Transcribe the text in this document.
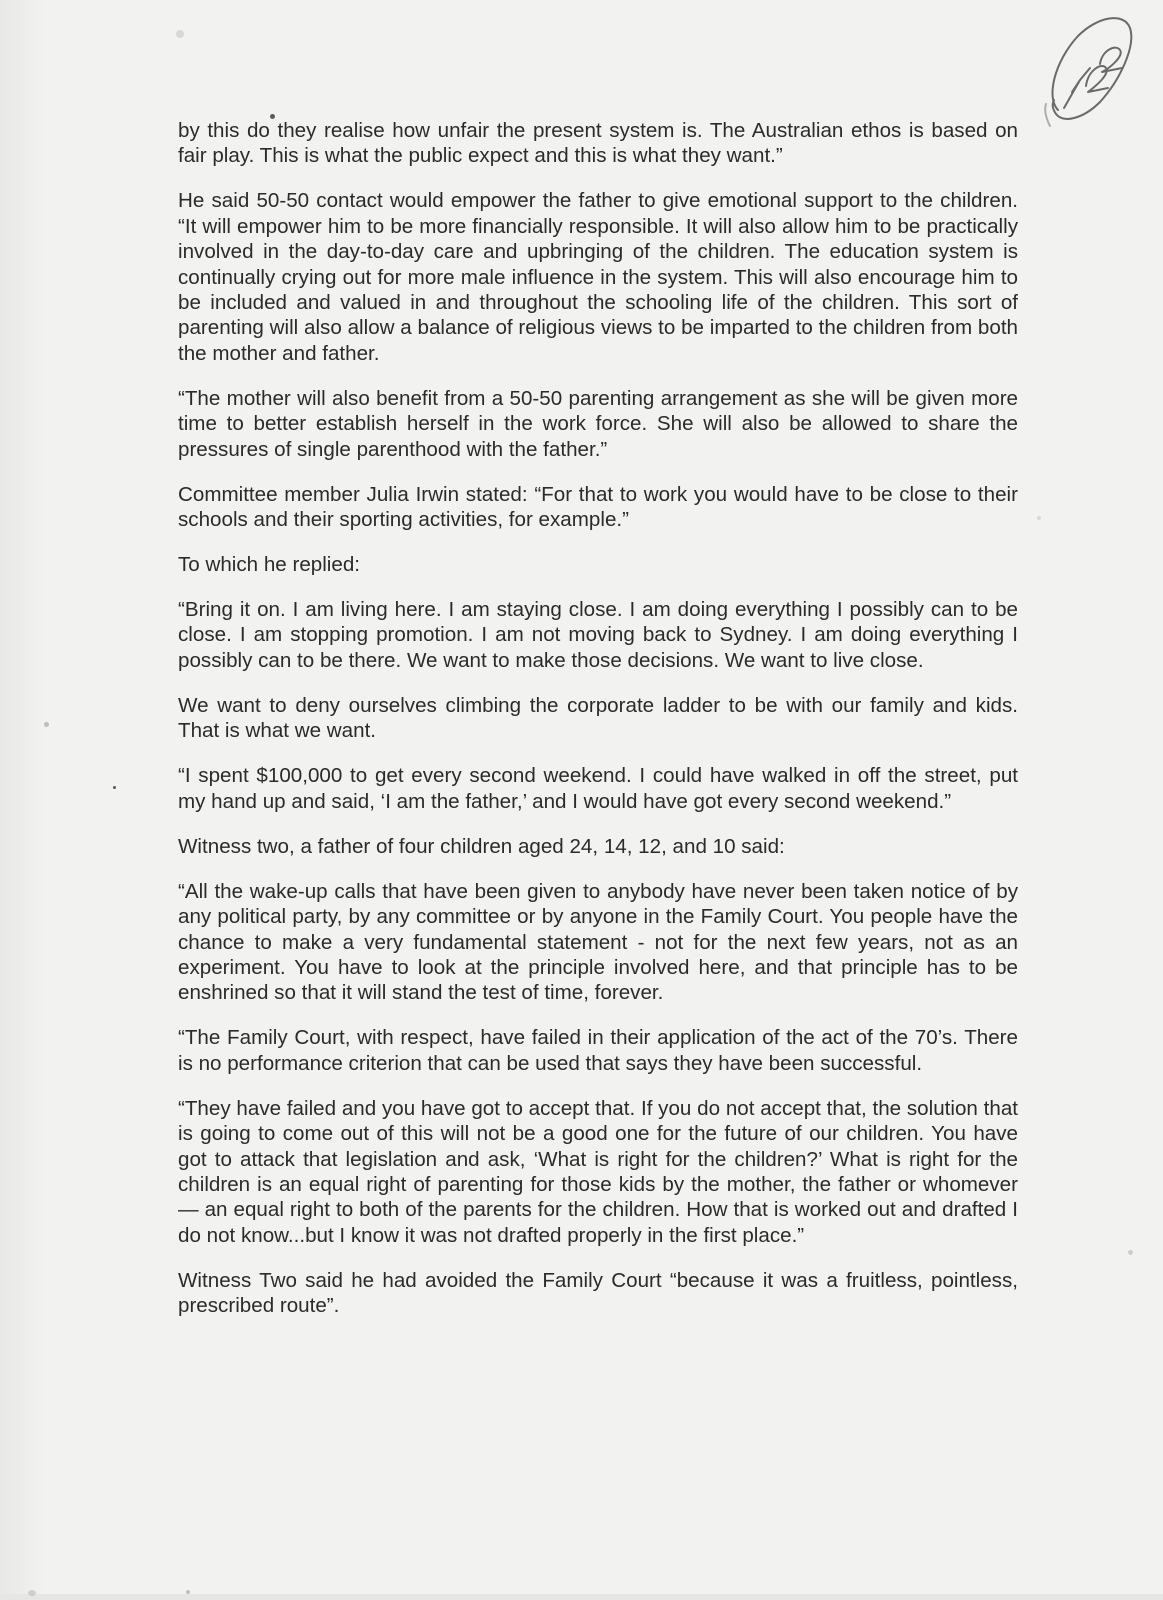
by this do they realise how unfair the present system is. The Australian ethos is based on fair play. This is what the public expect and this is what they want.”

He said 50-50 contact would empower the father to give emotional support to the children. “It will empower him to be more financially responsible. It will also allow him to be practically involved in the day-to-day care and upbringing of the children. The education system is continually crying out for more male influence in the system. This will also encourage him to be included and valued in and throughout the schooling life of the children. This sort of parenting will also allow a balance of religious views to be imparted to the children from both the mother and father.

“The mother will also benefit from a 50-50 parenting arrangement as she will be given more time to better establish herself in the work force. She will also be allowed to share the pressures of single parenthood with the father.”

Committee member Julia Irwin stated: “For that to work you would have to be close to their schools and their sporting activities, for example.”

To which he replied:

“Bring it on. I am living here. I am staying close. I am doing everything I possibly can to be close. I am stopping promotion. I am not moving back to Sydney. I am doing everything I possibly can to be there. We want to make those decisions. We want to live close.

We want to deny ourselves climbing the corporate ladder to be with our family and kids. That is what we want.

“I spent $100,000 to get every second weekend. I could have walked in off the street, put my hand up and said, ‘I am the father,’ and I would have got every second weekend.”

Witness two, a father of four children aged 24, 14, 12, and 10 said:

“All the wake-up calls that have been given to anybody have never been taken notice of by any political party, by any committee or by anyone in the Family Court. You people have the chance to make a very fundamental statement - not for the next few years, not as an experiment. You have to look at the principle involved here, and that principle has to be enshrined so that it will stand the test of time, forever.

“The Family Court, with respect, have failed in their application of the act of the 70’s. There is no performance criterion that can be used that says they have been successful.

“They have failed and you have got to accept that. If you do not accept that, the solution that is going to come out of this will not be a good one for the future of our children. You have got to attack that legislation and ask, ‘What is right for the children?’ What is right for the children is an equal right of parenting for those kids by the mother, the father or whomever — an equal right to both of the parents for the children. How that is worked out and drafted I do not know...but I know it was not drafted properly in the first place.”

Witness Two said he had avoided the Family Court “because it was a fruitless, pointless, prescribed route”.
